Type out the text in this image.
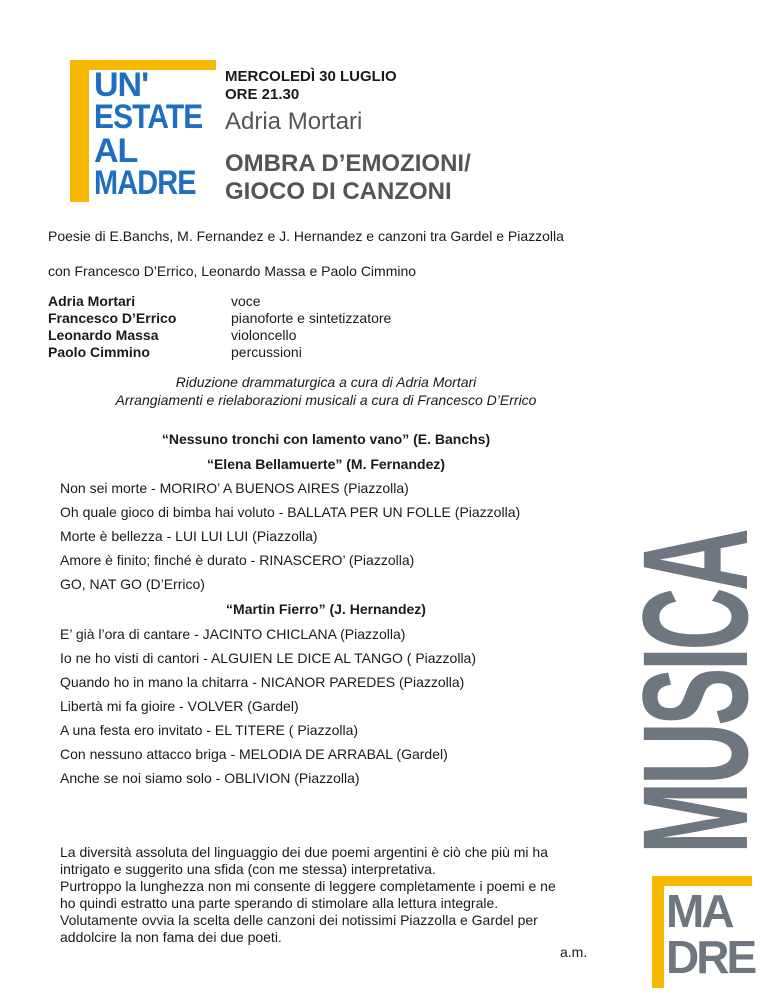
UN'
ESTATE
AL
MADRE
MERCOLEDÌ 30 LUGLIO
ORE 21.30
Adria Mortari
OMBRA D’EMOZIONI/
GIOCO DI CANZONI
Poesie di E.Banchs, M. Fernandez e J. Hernandez e canzoni tra Gardel e Piazzolla
con Francesco D’Errico, Leonardo Massa e Paolo Cimmino
Adria Mortari	voce
Francesco D’Errico	pianoforte e sintetizzatore
Leonardo Massa	violoncello
Paolo Cimmino	percussioni
Riduzione drammaturgica a cura di Adria Mortari
Arrangiamenti e rielaborazioni musicali a cura di Francesco D’Errico
“Nessuno tronchi con lamento vano” (E. Banchs)
“Elena Bellamuerte” (M. Fernandez)
Non sei morte - MORIRO’ A BUENOS AIRES (Piazzolla)
Oh quale gioco di bimba hai voluto - BALLATA PER UN FOLLE (Piazzolla)
Morte è bellezza - LUI LUI LUI (Piazzolla)
Amore è finito; finché è durato - RINASCERO’ (Piazzolla)
GO, NAT GO (D’Errico)
“Martin Fierro” (J. Hernandez)
E’ già l’ora di cantare - JACINTO CHICLANA (Piazzolla)
Io ne ho visti di cantori - ALGUIEN LE DICE AL TANGO ( Piazzolla)
Quando ho in mano la chitarra - NICANOR PAREDES (Piazzolla)
Libertà mi fa gioire - VOLVER (Gardel)
A una festa ero invitato - EL TITERE ( Piazzolla)
Con nessuno attacco briga - MELODIA DE ARRABAL (Gardel)
Anche se noi siamo solo - OBLIVION (Piazzolla)
La diversità assoluta del linguaggio dei due poemi argentini è ciò che più mi ha
intrigato e suggerito una sfida (con me stessa) interpretativa.
Purtroppo la lunghezza non mi consente di leggere completamente i poemi e ne
ho quindi estratto una parte sperando di stimolare alla lettura integrale.
Volutamente ovvia la scelta delle canzoni dei notissimi Piazzolla e Gardel per
addolcire la non fama dei due poeti.
a.m.
MUSICA
MA
DRE
